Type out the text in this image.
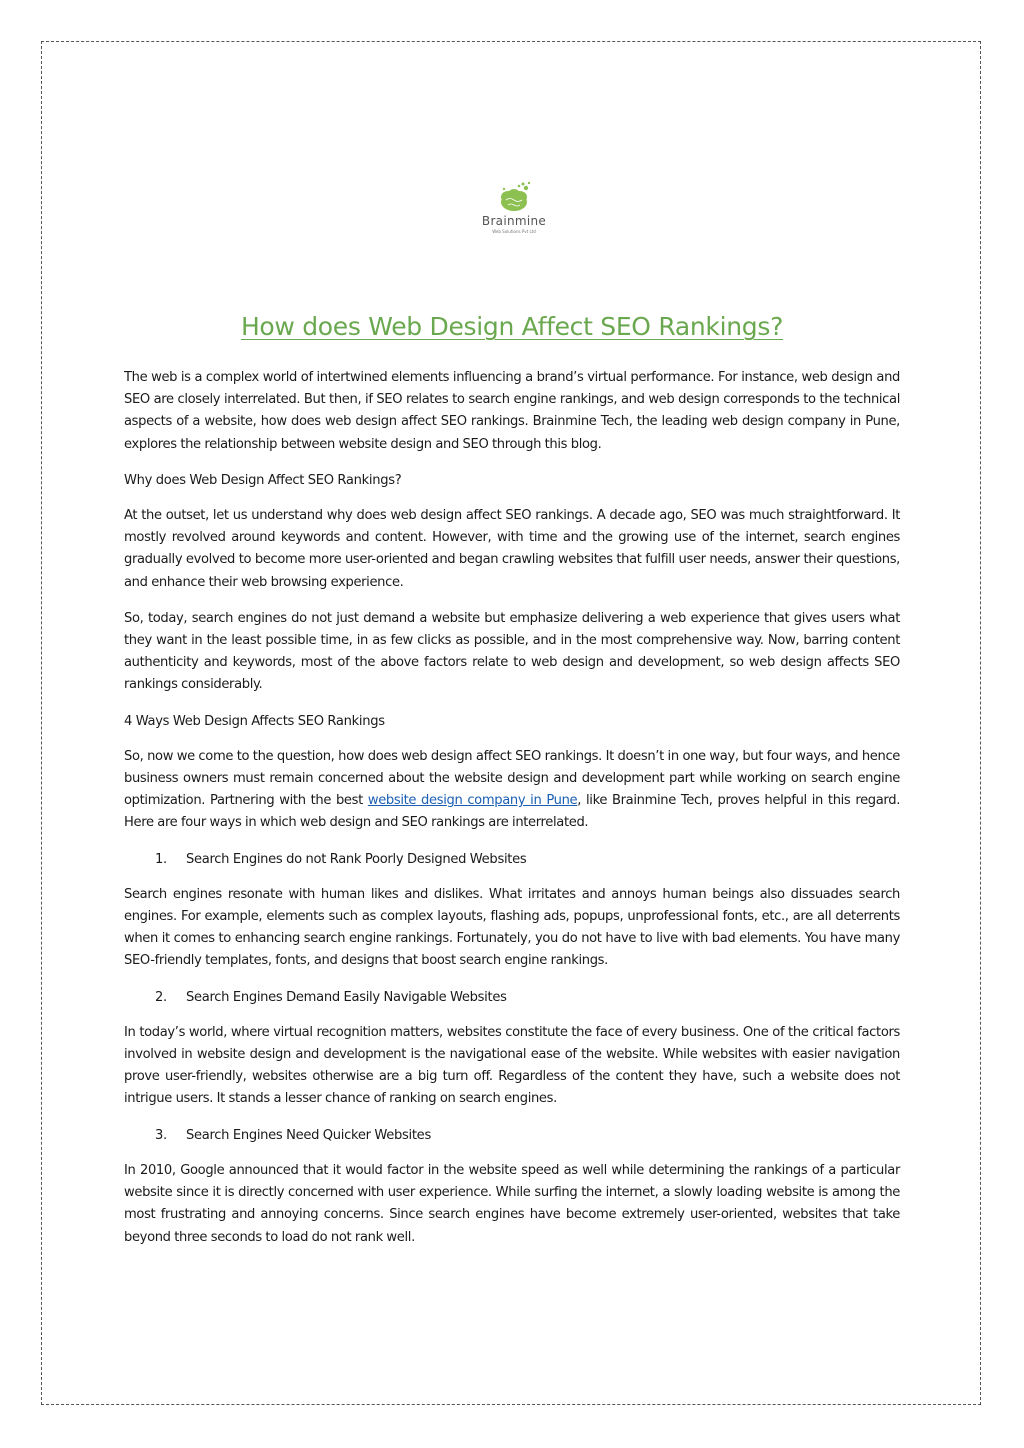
Brainmine
Web Solutions Pvt Ltd
How does Web Design Affect SEO Rankings?

The web is a complex world of intertwined elements influencing a brand’s virtual performance. For instance, web design and SEO are closely interrelated. But then, if SEO relates to search engine rankings, and web design corresponds to the technical aspects of a website, how does web design affect SEO rankings. Brainmine Tech, the leading web design company in Pune, explores the relationship between website design and SEO through this blog.

Why does Web Design Affect SEO Rankings?

At the outset, let us understand why does web design affect SEO rankings. A decade ago, SEO was much straightforward. It mostly revolved around keywords and content. However, with time and the growing use of the internet, search engines gradually evolved to become more user-oriented and began crawling websites that fulfill user needs, answer their questions, and enhance their web browsing experience.

So, today, search engines do not just demand a website but emphasize delivering a web experience that gives users what they want in the least possible time, in as few clicks as possible, and in the most comprehensive way. Now, barring content authenticity and keywords, most of the above factors relate to web design and development, so web design affects SEO rankings considerably.

4 Ways Web Design Affects SEO Rankings

So, now we come to the question, how does web design affect SEO rankings. It doesn’t in one way, but four ways, and hence business owners must remain concerned about the website design and development part while working on search engine optimization. Partnering with the best website design company in Pune, like Brainmine Tech, proves helpful in this regard. Here are four ways in which web design and SEO rankings are interrelated.

1. Search Engines do not Rank Poorly Designed Websites

Search engines resonate with human likes and dislikes. What irritates and annoys human beings also dissuades search engines. For example, elements such as complex layouts, flashing ads, popups, unprofessional fonts, etc., are all deterrents when it comes to enhancing search engine rankings. Fortunately, you do not have to live with bad elements. You have many SEO-friendly templates, fonts, and designs that boost search engine rankings.

2. Search Engines Demand Easily Navigable Websites

In today’s world, where virtual recognition matters, websites constitute the face of every business. One of the critical factors involved in website design and development is the navigational ease of the website. While websites with easier navigation prove user-friendly, websites otherwise are a big turn off. Regardless of the content they have, such a website does not intrigue users. It stands a lesser chance of ranking on search engines.

3. Search Engines Need Quicker Websites

In 2010, Google announced that it would factor in the website speed as well while determining the rankings of a particular website since it is directly concerned with user experience. While surfing the internet, a slowly loading website is among the most frustrating and annoying concerns. Since search engines have become extremely user-oriented, websites that take beyond three seconds to load do not rank well.
